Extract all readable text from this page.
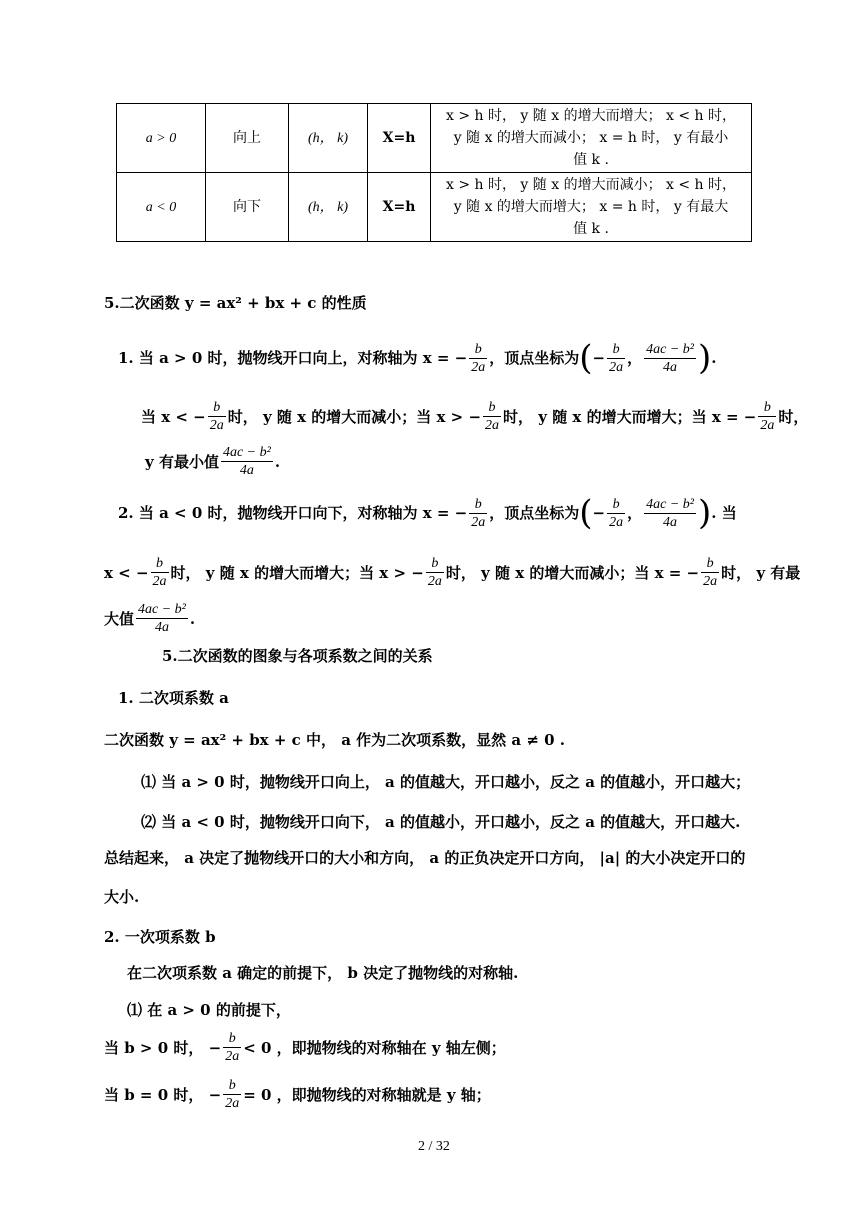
a > 0	向上	(h， k)	X=h	x > h 时， y 随 x 的增大而增大； x < h 时，
y 随 x 的增大而减小； x = h 时， y 有最小
值 k .

a < 0	向下	(h， k)	X=h	x > h 时， y 随 x 的增大而减小； x < h 时，
y 随 x 的增大而增大； x = h 时， y 有最大
值 k .
5.二次函数 y = ax² + bx + c 的性质
1. 当 a > 0 时，抛物线开口向上，对称轴为 x = − $\frac{b}{2a}$ ，顶点坐标为(− $\frac{b}{2a}$ ， $\frac{\text{4ac − b²}}{4a}$ ).
当 x < − $\frac{b}{2a}$ 时， y 随 x 的增大而减小；当 x > − $\frac{b}{2a}$ 时， y 随 x 的增大而增大；当 x = − $\frac{b}{2a}$ 时，
y 有最小值 $\frac{\text{4ac − b²}}{4a}$ .
2. 当 a < 0 时，抛物线开口向下，对称轴为 x = − $\frac{b}{2a}$ ，顶点坐标为(− $\frac{b}{2a}$ ， $\frac{\text{4ac − b²}}{4a}$ ). 当
x < − $\frac{b}{2a}$ 时， y 随 x 的增大而增大；当 x > − $\frac{b}{2a}$ 时， y 随 x 的增大而减小；当 x = − $\frac{b}{2a}$ 时， y 有最
大值 $\frac{\text{4ac − b²}}{4a}$ .
5.二次函数的图象与各项系数之间的关系
1. 二次项系数 a
二次函数 y = ax² + bx + c 中， a 作为二次项系数，显然 a ≠ 0 .
⑴ 当 a > 0 时，抛物线开口向上， a 的值越大，开口越小，反之 a 的值越小，开口越大；
⑵ 当 a < 0 时，抛物线开口向下， a 的值越小，开口越小，反之 a 的值越大，开口越大.
总结起来， a 决定了抛物线开口的大小和方向， a 的正负决定开口方向， |a| 的大小决定开口的
大小.
2. 一次项系数 b
在二次项系数 a 确定的前提下， b 决定了抛物线的对称轴.
⑴ 在 a > 0 的前提下，
当 b > 0 时， − $\frac{b}{2a} < 0$ ，即抛物线的对称轴在 y 轴左侧；
当 b = 0 时， − $\frac{b}{2a} = 0$ ，即抛物线的对称轴就是 y 轴；
2 / 32
